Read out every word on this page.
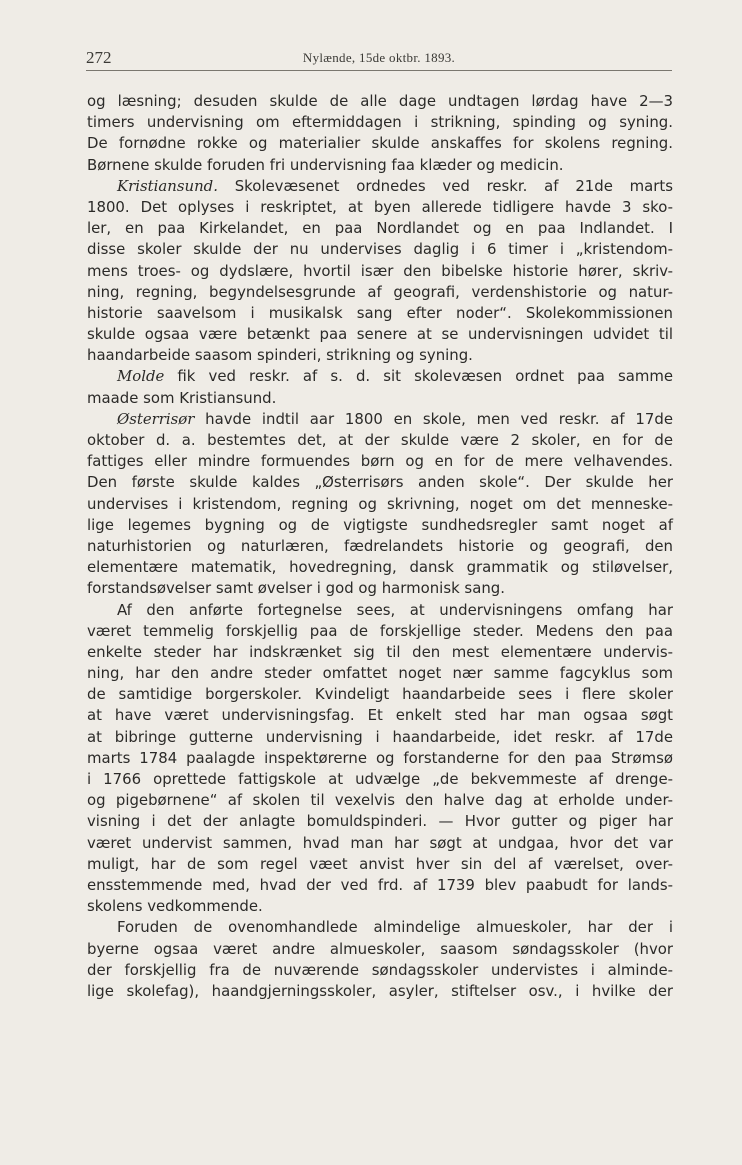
272	Nylænde, 15de oktbr. 1893.
og læsning; desuden skulde de alle dage undtagen lørdag have 2—3
timers undervisning om eftermiddagen i strikning, spinding og syning.
De fornødne rokke og materialier skulde anskaffes for skolens regning.
Børnene skulde foruden fri undervisning faa klæder og medicin.
Kristiansund. Skolevæsenet ordnedes ved reskr. af 21de marts
1800. Det oplyses i reskriptet, at byen allerede tidligere havde 3 sko-
ler, en paa Kirkelandet, en paa Nordlandet og en paa Indlandet. I
disse skoler skulde der nu undervises daglig i 6 timer i „kristendom-
mens troes- og dydslære, hvortil især den bibelske historie hører, skriv-
ning, regning, begyndelsesgrunde af geografi, verdenshistorie og natur-
historie saavelsom i musikalsk sang efter noder“. Skolekommissionen
skulde ogsaa være betænkt paa senere at se undervisningen udvidet til
haandarbeide saasom spinderi, strikning og syning.
Molde fik ved reskr. af s. d. sit skolevæsen ordnet paa samme
maade som Kristiansund.
Østerrisør havde indtil aar 1800 en skole, men ved reskr. af 17de
oktober d. a. bestemtes det, at der skulde være 2 skoler, en for de
fattiges eller mindre formuendes børn og en for de mere velhavendes.
Den første skulde kaldes „Østerrisørs anden skole“. Der skulde her
undervises i kristendom, regning og skrivning, noget om det menneske-
lige legemes bygning og de vigtigste sundhedsregler samt noget af
naturhistorien og naturlæren, fædrelandets historie og geografi, den
elementære matematik, hovedregning, dansk grammatik og stiløvelser,
forstandsøvelser samt øvelser i god og harmonisk sang.
Af den anførte fortegnelse sees, at undervisningens omfang har
været temmelig forskjellig paa de forskjellige steder. Medens den paa
enkelte steder har indskrænket sig til den mest elementære undervis-
ning, har den andre steder omfattet noget nær samme fagcyklus som
de samtidige borgerskoler. Kvindeligt haandarbeide sees i flere skoler
at have været undervisningsfag. Et enkelt sted har man ogsaa søgt
at bibringe gutterne undervisning i haandarbeide, idet reskr. af 17de
marts 1784 paalagde inspektørerne og forstanderne for den paa Strømsø
i 1766 oprettede fattigskole at udvælge „de bekvemmeste af drenge-
og pigebørnene“ af skolen til vexelvis den halve dag at erholde under-
visning i det der anlagte bomuldspinderi. — Hvor gutter og piger har
været undervist sammen, hvad man har søgt at undgaa, hvor det var
muligt, har de som regel væet anvist hver sin del af værelset, over-
ensstemmende med, hvad der ved frd. af 1739 blev paabudt for lands-
skolens vedkommende.
Foruden de ovenomhandlede almindelige almueskoler, har der i
byerne ogsaa været andre almueskoler, saasom søndagsskoler (hvor
der forskjellig fra de nuværende søndagsskoler undervistes i alminde-
lige skolefag), haandgjerningsskoler, asyler, stiftelser osv., i hvilke der
